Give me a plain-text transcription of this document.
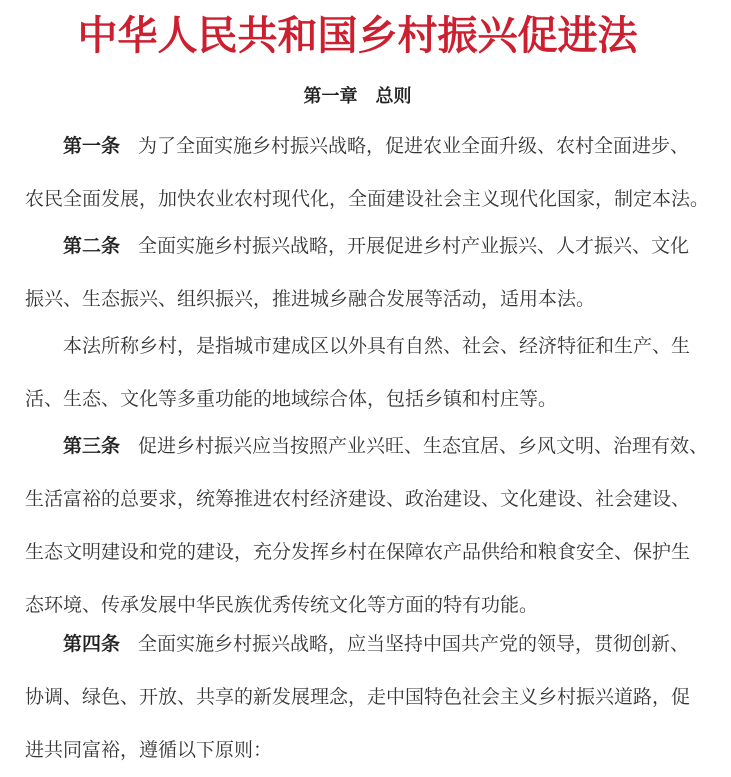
中华人民共和国乡村振兴促进法
第一章　总则
第一条 为了全面实施乡村振兴战略，促进农业全面升级、农村全面进步、
农民全面发展，加快农业农村现代化，全面建设社会主义现代化国家，制定本法。
第二条 全面实施乡村振兴战略，开展促进乡村产业振兴、人才振兴、文化
振兴、生态振兴、组织振兴，推进城乡融合发展等活动，适用本法。
本法所称乡村，是指城市建成区以外具有自然、社会、经济特征和生产、生
活、生态、文化等多重功能的地域综合体，包括乡镇和村庄等。
第三条 促进乡村振兴应当按照产业兴旺、生态宜居、乡风文明、治理有效、
生活富裕的总要求，统筹推进农村经济建设、政治建设、文化建设、社会建设、
生态文明建设和党的建设，充分发挥乡村在保障农产品供给和粮食安全、保护生
态环境、传承发展中华民族优秀传统文化等方面的特有功能。
第四条 全面实施乡村振兴战略，应当坚持中国共产党的领导，贯彻创新、
协调、绿色、开放、共享的新发展理念，走中国特色社会主义乡村振兴道路，促
进共同富裕，遵循以下原则：
